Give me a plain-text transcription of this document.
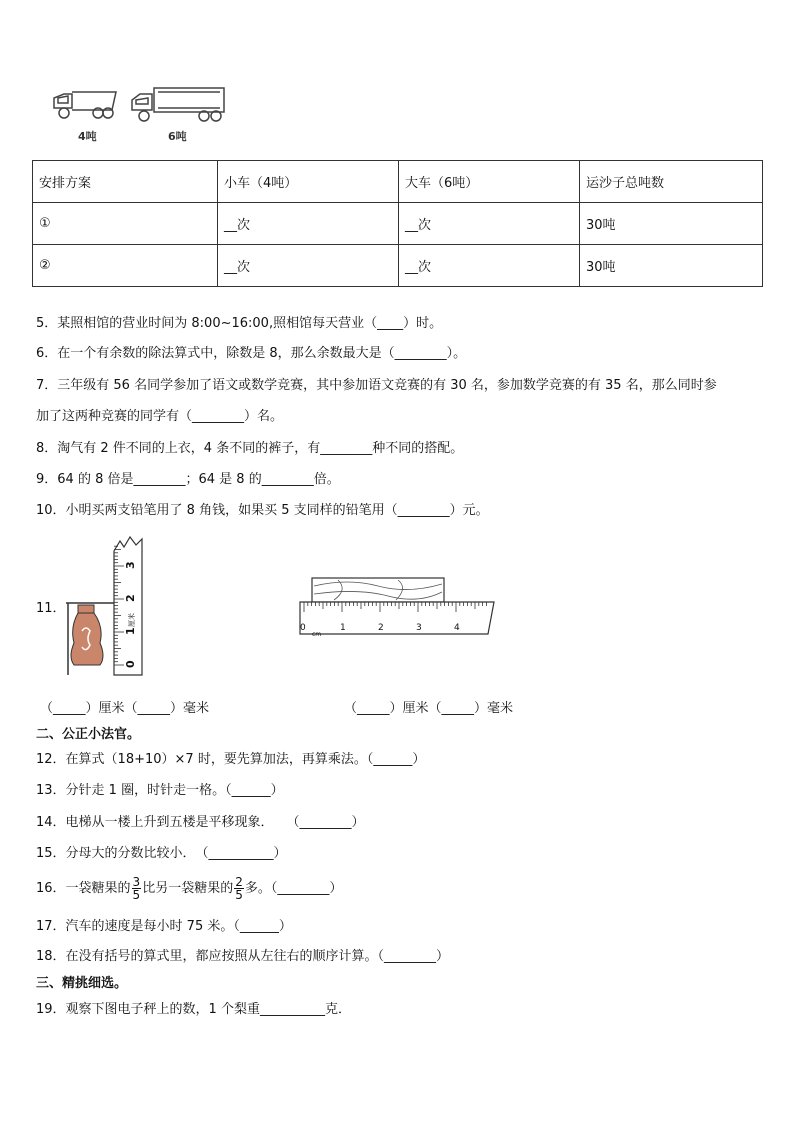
4吨	6吨
安排方案	小车（4吨）	大车（6吨）	运沙子总吨数
①	__次	__次	30吨
②	__次	__次	30吨
5．某照相馆的营业时间为 8:00~16:00,照相馆每天营业（____）时。
6．在一个有余数的除法算式中，除数是 8，那么余数最大是（________）。
7．三年级有 56 名同学参加了语文或数学竞赛，其中参加语文竞赛的有 30 名，参加数学竞赛的有 35 名，那么同时参
加了这两种竞赛的同学有（________）名。
8．淘气有 2 件不同的上衣，4 条不同的裤子，有________种不同的搭配。
9．64 的 8 倍是________；64 是 8 的________倍。
10．小明买两支铅笔用了 8 角钱，如果买 5 支同样的铅笔用（________）元。
11．
0
1
2
3
厘米
0	1	2	3	4
cm
（_____）厘米（_____）毫米	（_____）厘米（_____）毫米
二、公正小法官。
12．在算式（18+10）×7 时，要先算加法，再算乘法。（______）
13．分针走 1 圈，时针走一格。（______）
14．电梯从一楼上升到五楼是平移现象．　　（________）
15．分母大的分数比较小．　（__________）
16．一袋糖果的 $\frac{3}{5}$ 比另一袋糖果的 $\frac{2}{5}$ 多。（________）
17．汽车的速度是每小时 75 米。（______）
18．在没有括号的算式里，都应按照从左往右的顺序计算。（________）
三、精挑细选。
19．观察下图电子秤上的数，1 个梨重__________克．
